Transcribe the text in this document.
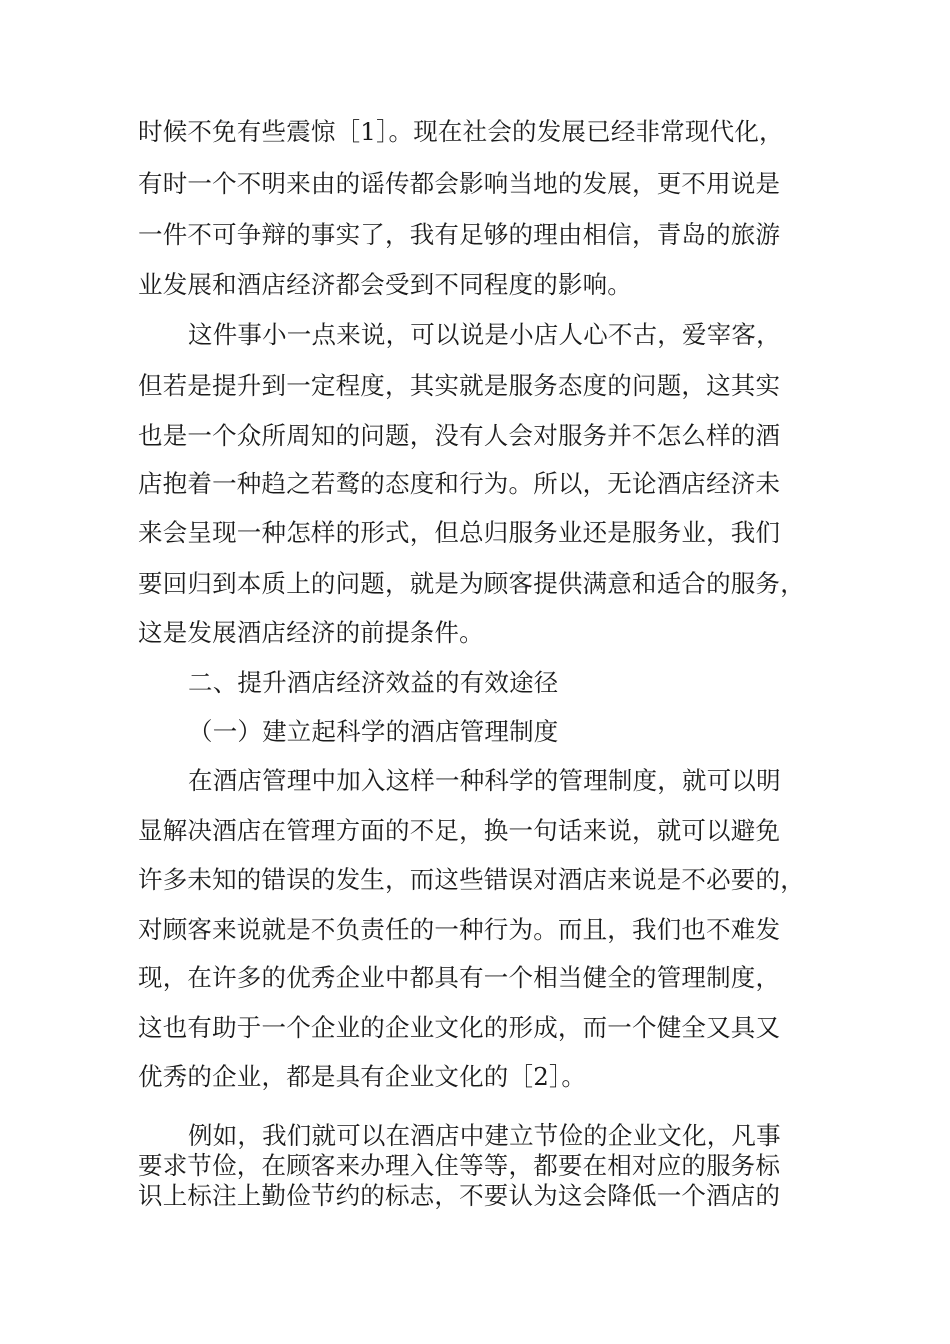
时候不免有些震惊［1］。现在社会的发展已经非常现代化，
有时一个不明来由的谣传都会影响当地的发展，更不用说是
一件不可争辩的事实了，我有足够的理由相信，青岛的旅游
业发展和酒店经济都会受到不同程度的影响。
这件事小一点来说，可以说是小店人心不古，爱宰客，
但若是提升到一定程度，其实就是服务态度的问题，这其实
也是一个众所周知的问题，没有人会对服务并不怎么样的酒
店抱着一种趋之若鹜的态度和行为。所以，无论酒店经济未
来会呈现一种怎样的形式，但总归服务业还是服务业，我们
要回归到本质上的问题，就是为顾客提供满意和适合的服务，
这是发展酒店经济的前提条件。
二、提升酒店经济效益的有效途径
（一）建立起科学的酒店管理制度
在酒店管理中加入这样一种科学的管理制度，就可以明
显解决酒店在管理方面的不足，换一句话来说，就可以避免
许多未知的错误的发生，而这些错误对酒店来说是不必要的，
对顾客来说就是不负责任的一种行为。而且，我们也不难发
现，在许多的优秀企业中都具有一个相当健全的管理制度，
这也有助于一个企业的企业文化的形成，而一个健全又具又
优秀的企业，都是具有企业文化的［2］。
例如，我们就可以在酒店中建立节俭的企业文化，凡事
要求节俭，在顾客来办理入住等等，都要在相对应的服务标
识上标注上勤俭节约的标志，不要认为这会降低一个酒店的
